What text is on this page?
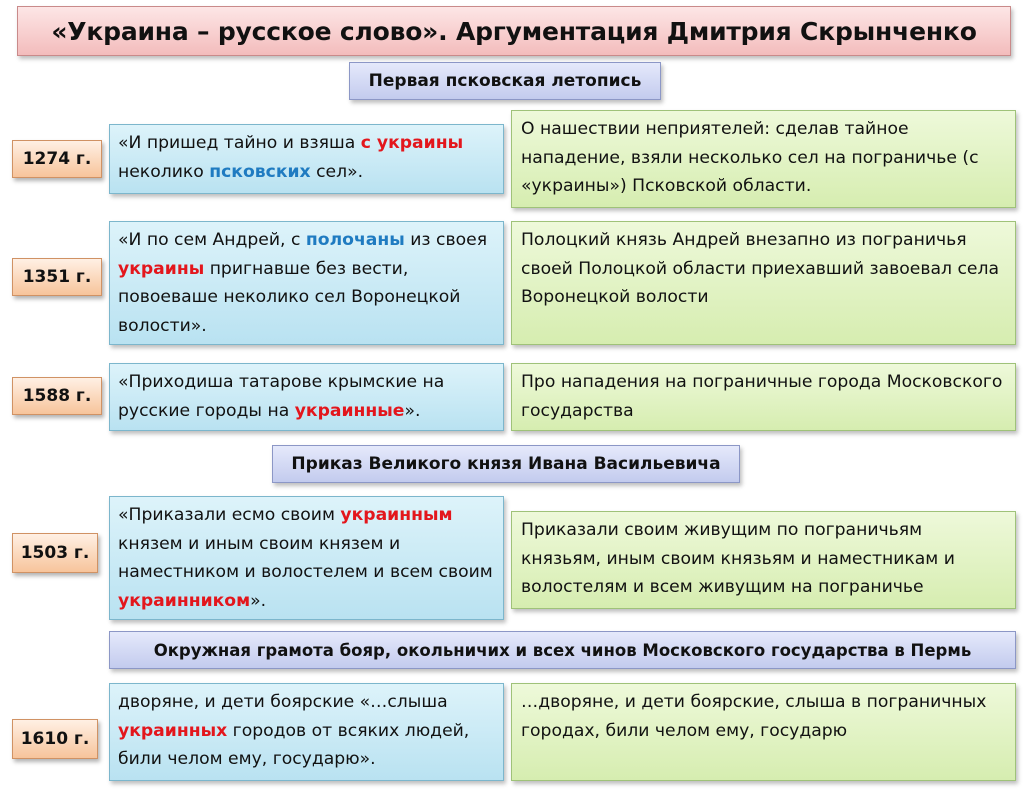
«Украина – русское слово». Аргументация Дмитрия Скрынченко
Первая псковская летопись
1274 г.
«И пришед тайно и взяша с украины неколико псковских сел».
О нашествии неприятелей: сделав тайное нападение, взяли несколько сел на пограничье (с «украины») Псковской области.
1351 г.
«И по сем Андрей, с полочаны из своея украины пригнавше без вести, повоеваше неколико сел Воронецкой волости».
Полоцкий князь Андрей внезапно из пограничья своей Полоцкой области приехавший завоевал села Воронецкой волости
1588 г.
«Приходиша татарове крымские на русские городы на украинные».
Про нападения на пограничные города Московского государства
Приказ Великого князя Ивана Васильевича
1503 г.
«Приказали есмо своим украинным князем и иным своим князем и наместником и волостелем и всем своим украинником».
Приказали своим живущим по пограничьям князьям, иным своим князьям и наместникам и волостелям и всем живущим на пограничье
Окружная грамота бояр, окольничих и всех чинов Московского государства в Пермь
1610 г.
дворяне, и дети боярские «…слыша украинных городов от всяких людей, били челом ему, государю».
…дворяне, и дети боярские, слыша в пограничных городах, били челом ему, государю
